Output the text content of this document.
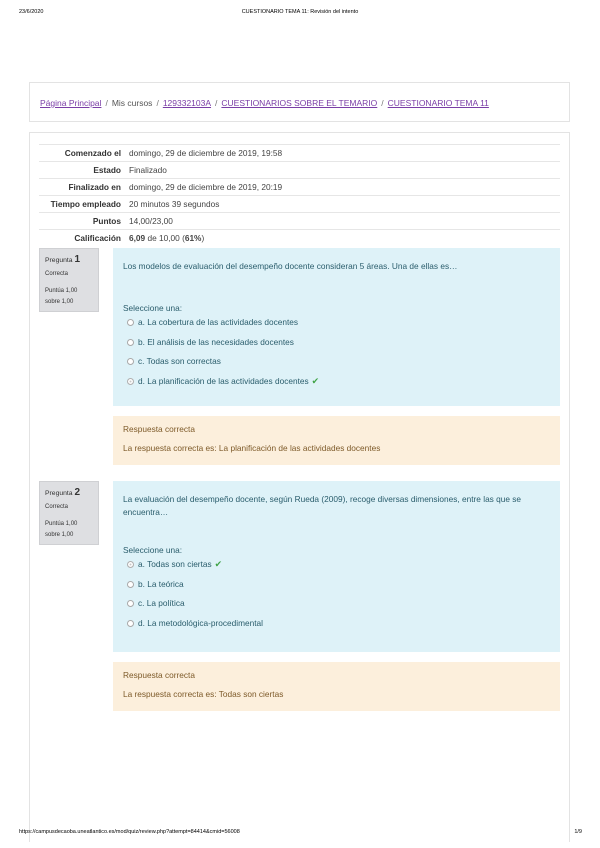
23/6/2020	CUESTIONARIO TEMA 11: Revisión del intento
Página Principal / Mis cursos / 129332103A / CUESTIONARIOS SOBRE EL TEMARIO / CUESTIONARIO TEMA 11
Comenzado el	domingo, 29 de diciembre de 2019, 19:58
Estado	Finalizado
Finalizado en	domingo, 29 de diciembre de 2019, 20:19
Tiempo empleado	20 minutos 39 segundos
Puntos	14,00/23,00
Calificación	6,09 de 10,00 (61%)
Pregunta 1
Correcta
Puntúa 1,00
sobre 1,00
Los modelos de evaluación del desempeño docente consideran 5 áreas. Una de ellas es…
Seleccione una:
a. La cobertura de las actividades docentes
b. El análisis de las necesidades docentes
c. Todas son correctas
d. La planificación de las actividades docentes ✔
Respuesta correcta
La respuesta correcta es: La planificación de las actividades docentes
Pregunta 2
Correcta
Puntúa 1,00
sobre 1,00
La evaluación del desempeño docente, según Rueda (2009), recoge diversas dimensiones, entre las que se encuentra…
Seleccione una:
a. Todas son ciertas ✔
b. La teórica
c. La política
d. La metodológica-procedimental
Respuesta correcta
La respuesta correcta es: Todas son ciertas
https://campusdecaoba.uneatlantico.es/mod/quiz/review.php?attempt=84414&cmid=56008	1/9
